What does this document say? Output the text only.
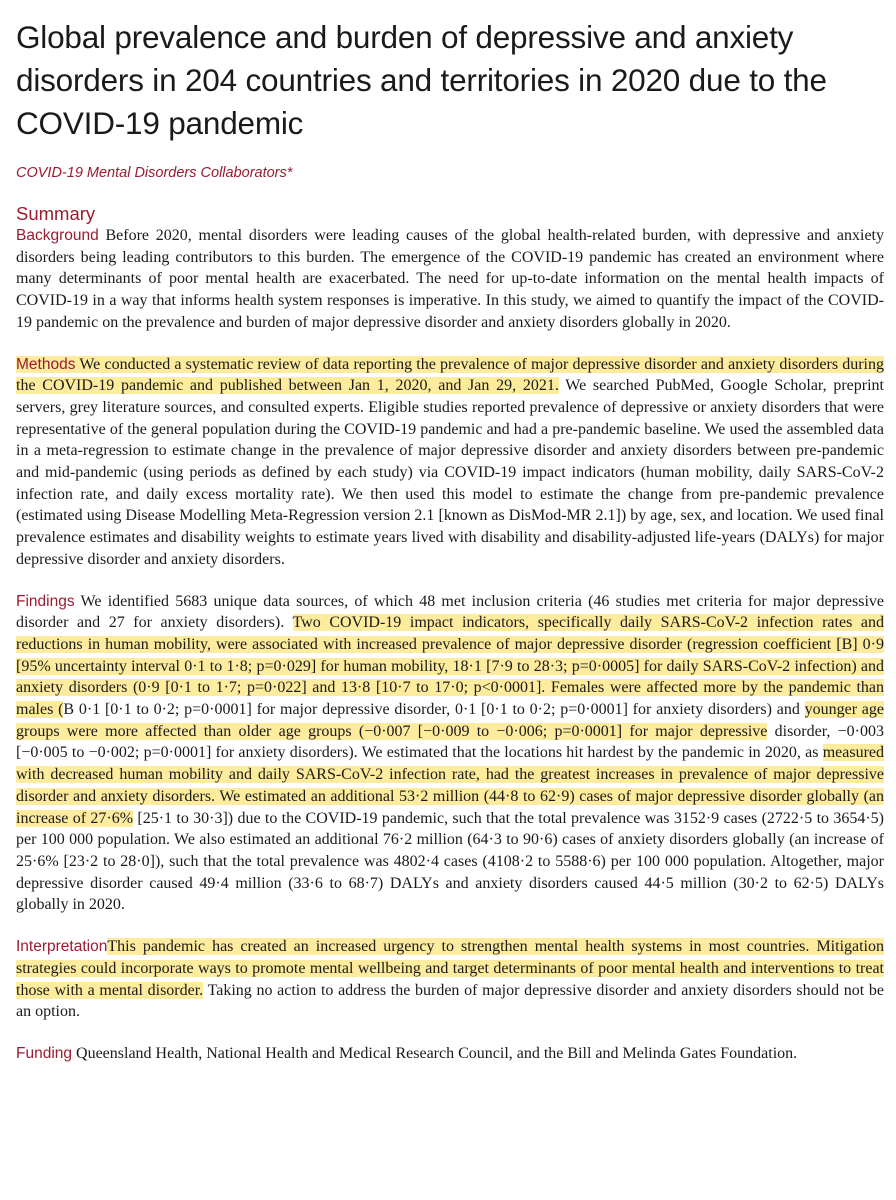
Global prevalence and burden of depressive and anxiety disorders in 204 countries and territories in 2020 due to the COVID-19 pandemic
COVID-19 Mental Disorders Collaborators*
Summary

Background Before 2020, mental disorders were leading causes of the global health-related burden, with depressive and anxiety disorders being leading contributors to this burden. The emergence of the COVID-19 pandemic has created an environment where many determinants of poor mental health are exacerbated. The need for up-to-date information on the mental health impacts of COVID-19 in a way that informs health system responses is imperative. In this study, we aimed to quantify the impact of the COVID-19 pandemic on the prevalence and burden of major depressive disorder and anxiety disorders globally in 2020.

Methods We conducted a systematic review of data reporting the prevalence of major depressive disorder and anxiety disorders during the COVID-19 pandemic and published between Jan 1, 2020, and Jan 29, 2021. We searched PubMed, Google Scholar, preprint servers, grey literature sources, and consulted experts. Eligible studies reported prevalence of depressive or anxiety disorders that were representative of the general population during the COVID-19 pandemic and had a pre-pandemic baseline. We used the assembled data in a meta-regression to estimate change in the prevalence of major depressive disorder and anxiety disorders between pre-pandemic and mid-pandemic (using periods as defined by each study) via COVID-19 impact indicators (human mobility, daily SARS-CoV-2 infection rate, and daily excess mortality rate). We then used this model to estimate the change from pre-pandemic prevalence (estimated using Disease Modelling Meta-Regression version 2.1 [known as DisMod-MR 2.1]) by age, sex, and location. We used final prevalence estimates and disability weights to estimate years lived with disability and disability-adjusted life-years (DALYs) for major depressive disorder and anxiety disorders.

Findings We identified 5683 unique data sources, of which 48 met inclusion criteria (46 studies met criteria for major depressive disorder and 27 for anxiety disorders). Two COVID-19 impact indicators, specifically daily SARS-CoV-2 infection rates and reductions in human mobility, were associated with increased prevalence of major depressive disorder (regression coefficient [B] 0·9 [95% uncertainty interval 0·1 to 1·8; p=0·029] for human mobility, 18·1 [7·9 to 28·3; p=0·0005] for daily SARS-CoV-2 infection) and anxiety disorders (0·9 [0·1 to 1·7; p=0·022] and 13·8 [10·7 to 17·0; p<0·0001]. Females were affected more by the pandemic than males (B 0·1 [0·1 to 0·2; p=0·0001] for major depressive disorder, 0·1 [0·1 to 0·2; p=0·0001] for anxiety disorders) and younger age groups were more affected than older age groups (−0·007 [−0·009 to −0·006; p=0·0001] for major depressive disorder, −0·003 [−0·005 to −0·002; p=0·0001] for anxiety disorders). We estimated that the locations hit hardest by the pandemic in 2020, as measured with decreased human mobility and daily SARS-CoV-2 infection rate, had the greatest increases in prevalence of major depressive disorder and anxiety disorders. We estimated an additional 53·2 million (44·8 to 62·9) cases of major depressive disorder globally (an increase of 27·6% [25·1 to 30·3]) due to the COVID-19 pandemic, such that the total prevalence was 3152·9 cases (2722·5 to 3654·5) per 100 000 population. We also estimated an additional 76·2 million (64·3 to 90·6) cases of anxiety disorders globally (an increase of 25·6% [23·2 to 28·0]), such that the total prevalence was 4802·4 cases (4108·2 to 5588·6) per 100 000 population. Altogether, major depressive disorder caused 49·4 million (33·6 to 68·7) DALYs and anxiety disorders caused 44·5 million (30·2 to 62·5) DALYs globally in 2020.

InterpretationThis pandemic has created an increased urgency to strengthen mental health systems in most countries. Mitigation strategies could incorporate ways to promote mental wellbeing and target determinants of poor mental health and interventions to treat those with a mental disorder. Taking no action to address the burden of major depressive disorder and anxiety disorders should not be an option.

Funding Queensland Health, National Health and Medical Research Council, and the Bill and Melinda Gates Foundation.
